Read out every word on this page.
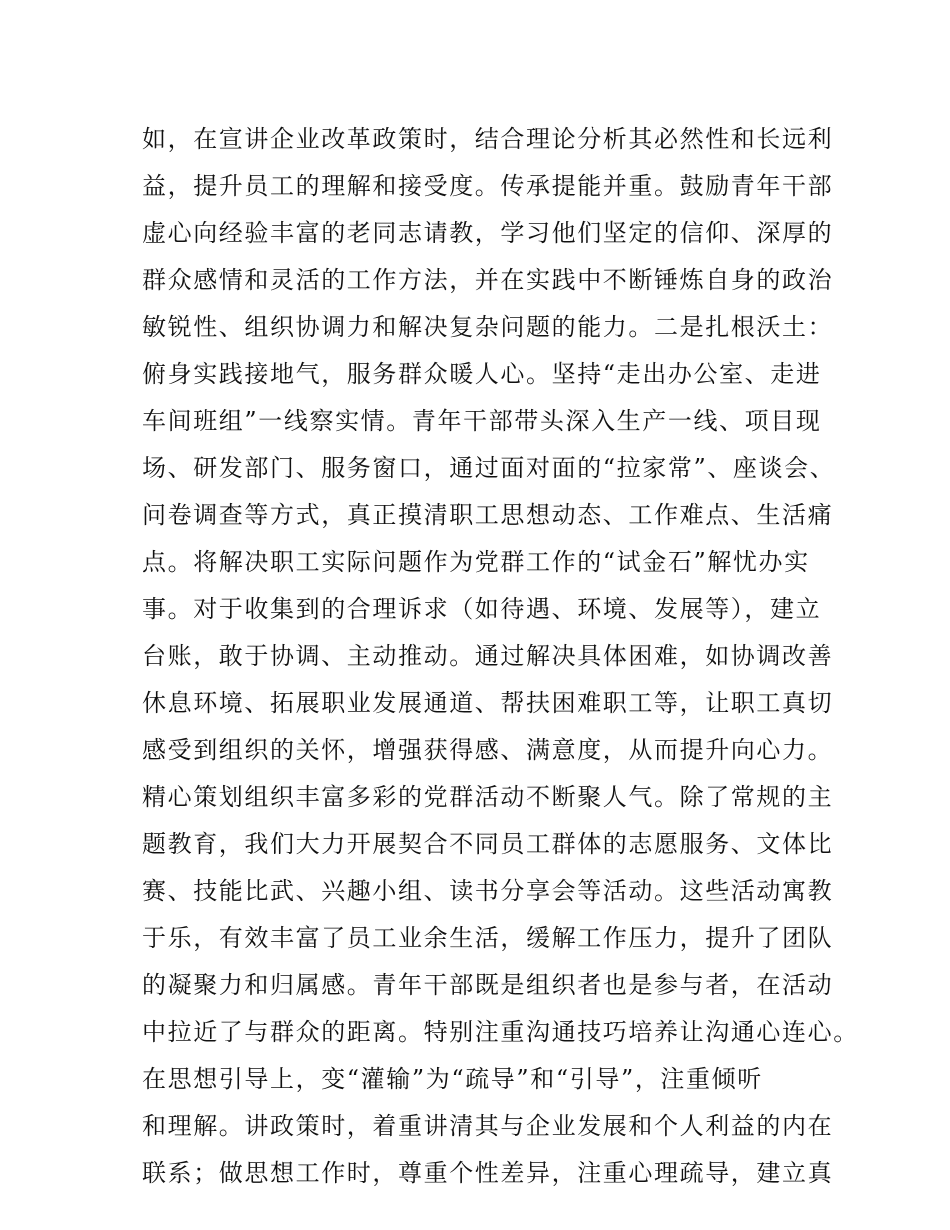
如，在宣讲企业改革政策时，结合理论分析其必然性和长远利
益，提升员工的理解和接受度。传承提能并重。鼓励青年干部
虚心向经验丰富的老同志请教，学习他们坚定的信仰、深厚的
群众感情和灵活的工作方法，并在实践中不断锤炼自身的政治
敏锐性、组织协调力和解决复杂问题的能力。二是扎根沃土：
俯身实践接地气，服务群众暖人心。坚持“走出办公室、走进
车间班组”一线察实情。青年干部带头深入生产一线、项目现
场、研发部门、服务窗口，通过面对面的“拉家常”、座谈会、
问卷调查等方式，真正摸清职工思想动态、工作难点、生活痛
点。将解决职工实际问题作为党群工作的“试金石”解忧办实
事。对于收集到的合理诉求（如待遇、环境、发展等），建立
台账，敢于协调、主动推动。通过解决具体困难，如协调改善
休息环境、拓展职业发展通道、帮扶困难职工等，让职工真切
感受到组织的关怀，增强获得感、满意度，从而提升向心力。
精心策划组织丰富多彩的党群活动不断聚人气。除了常规的主
题教育，我们大力开展契合不同员工群体的志愿服务、文体比
赛、技能比武、兴趣小组、读书分享会等活动。这些活动寓教
于乐，有效丰富了员工业余生活，缓解工作压力，提升了团队
的凝聚力和归属感。青年干部既是组织者也是参与者，在活动
中拉近了与群众的距离。特别注重沟通技巧培养让沟通心连心。
在思想引导上，变“灌输”为“疏导”和“引导”，注重倾听
和理解。讲政策时，着重讲清其与企业发展和个人利益的内在
联系；做思想工作时，尊重个性差异，注重心理疏导，建立真
